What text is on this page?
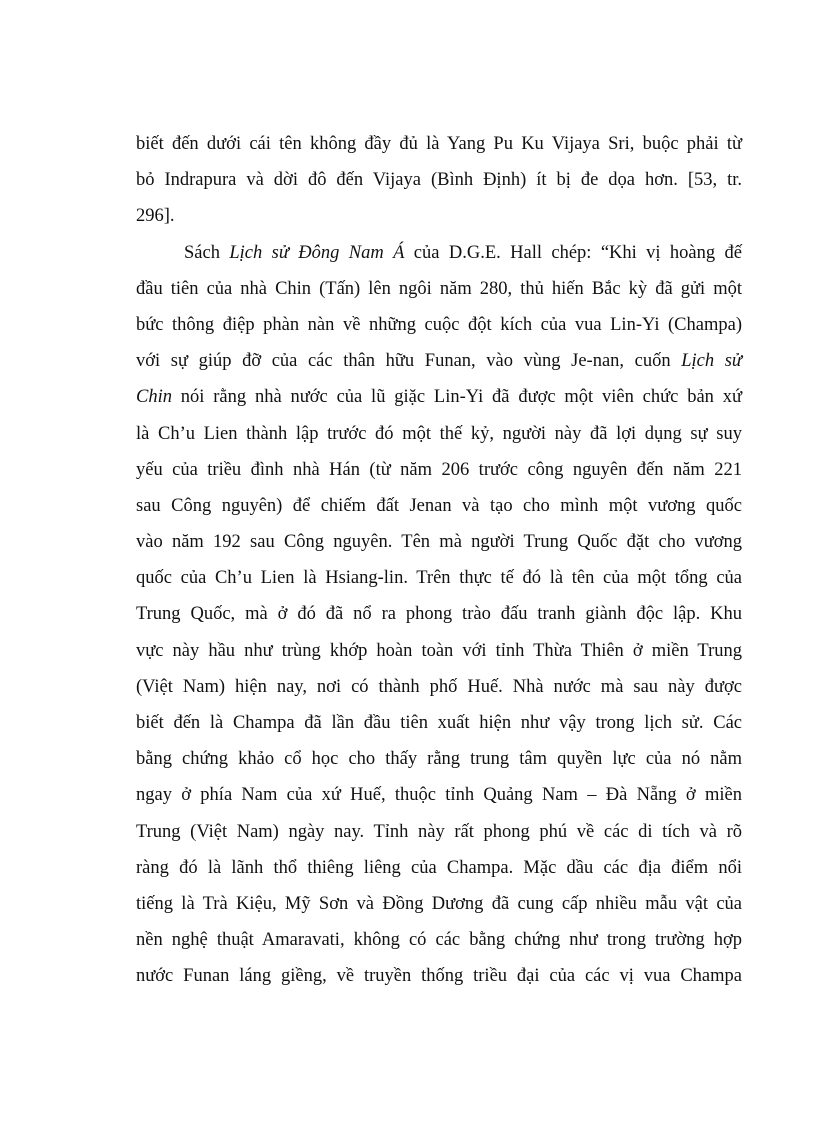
biết đến dưới cái tên không đầy đủ là Yang Pu Ku Vijaya Sri, buộc phải từ
bỏ Indrapura và dời đô đến Vijaya (Bình Định) ít bị đe dọa hơn. [53, tr.
296].
Sách Lịch sử Đông Nam Á của D.G.E. Hall chép: “Khi vị hoàng đế
đầu tiên của nhà Chin (Tấn) lên ngôi năm 280, thủ hiến Bắc kỳ đã gửi một
bức thông điệp phàn nàn về những cuộc đột kích của vua Lin-Yi (Champa)
với sự giúp đỡ của các thân hữu Funan, vào vùng Je-nan, cuốn Lịch sử
Chin nói rằng nhà nước của lũ giặc Lin-Yi đã được một viên chức bản xứ
là Ch’u Lien thành lập trước đó một thế kỷ, người này đã lợi dụng sự suy
yếu của triều đình nhà Hán (từ năm 206 trước công nguyên đến năm 221
sau Công nguyên) để chiếm đất Jenan và tạo cho mình một vương quốc
vào năm 192 sau Công nguyên. Tên mà người Trung Quốc đặt cho vương
quốc của Ch’u Lien là Hsiang-lin. Trên thực tế đó là tên của một tổng của
Trung Quốc, mà ở đó đã nổ ra phong trào đấu tranh giành độc lập. Khu
vực này hầu như trùng khớp hoàn toàn với tỉnh Thừa Thiên ở miền Trung
(Việt Nam) hiện nay, nơi có thành phố Huế. Nhà nước mà sau này được
biết đến là Champa đã lần đầu tiên xuất hiện như vậy trong lịch sử. Các
bằng chứng khảo cổ học cho thấy rằng trung tâm quyền lực của nó nằm
ngay ở phía Nam của xứ Huế, thuộc tỉnh Quảng Nam – Đà Nẵng ở miền
Trung (Việt Nam) ngày nay. Tỉnh này rất phong phú về các di tích và rõ
ràng đó là lãnh thổ thiêng liêng của Champa. Mặc dầu các địa điểm nổi
tiếng là Trà Kiệu, Mỹ Sơn và Đồng Dương đã cung cấp nhiều mẫu vật của
nền nghệ thuật Amaravati, không có các bằng chứng như trong trường hợp
nước Funan láng giềng, về truyền thống triều đại của các vị vua Champa
